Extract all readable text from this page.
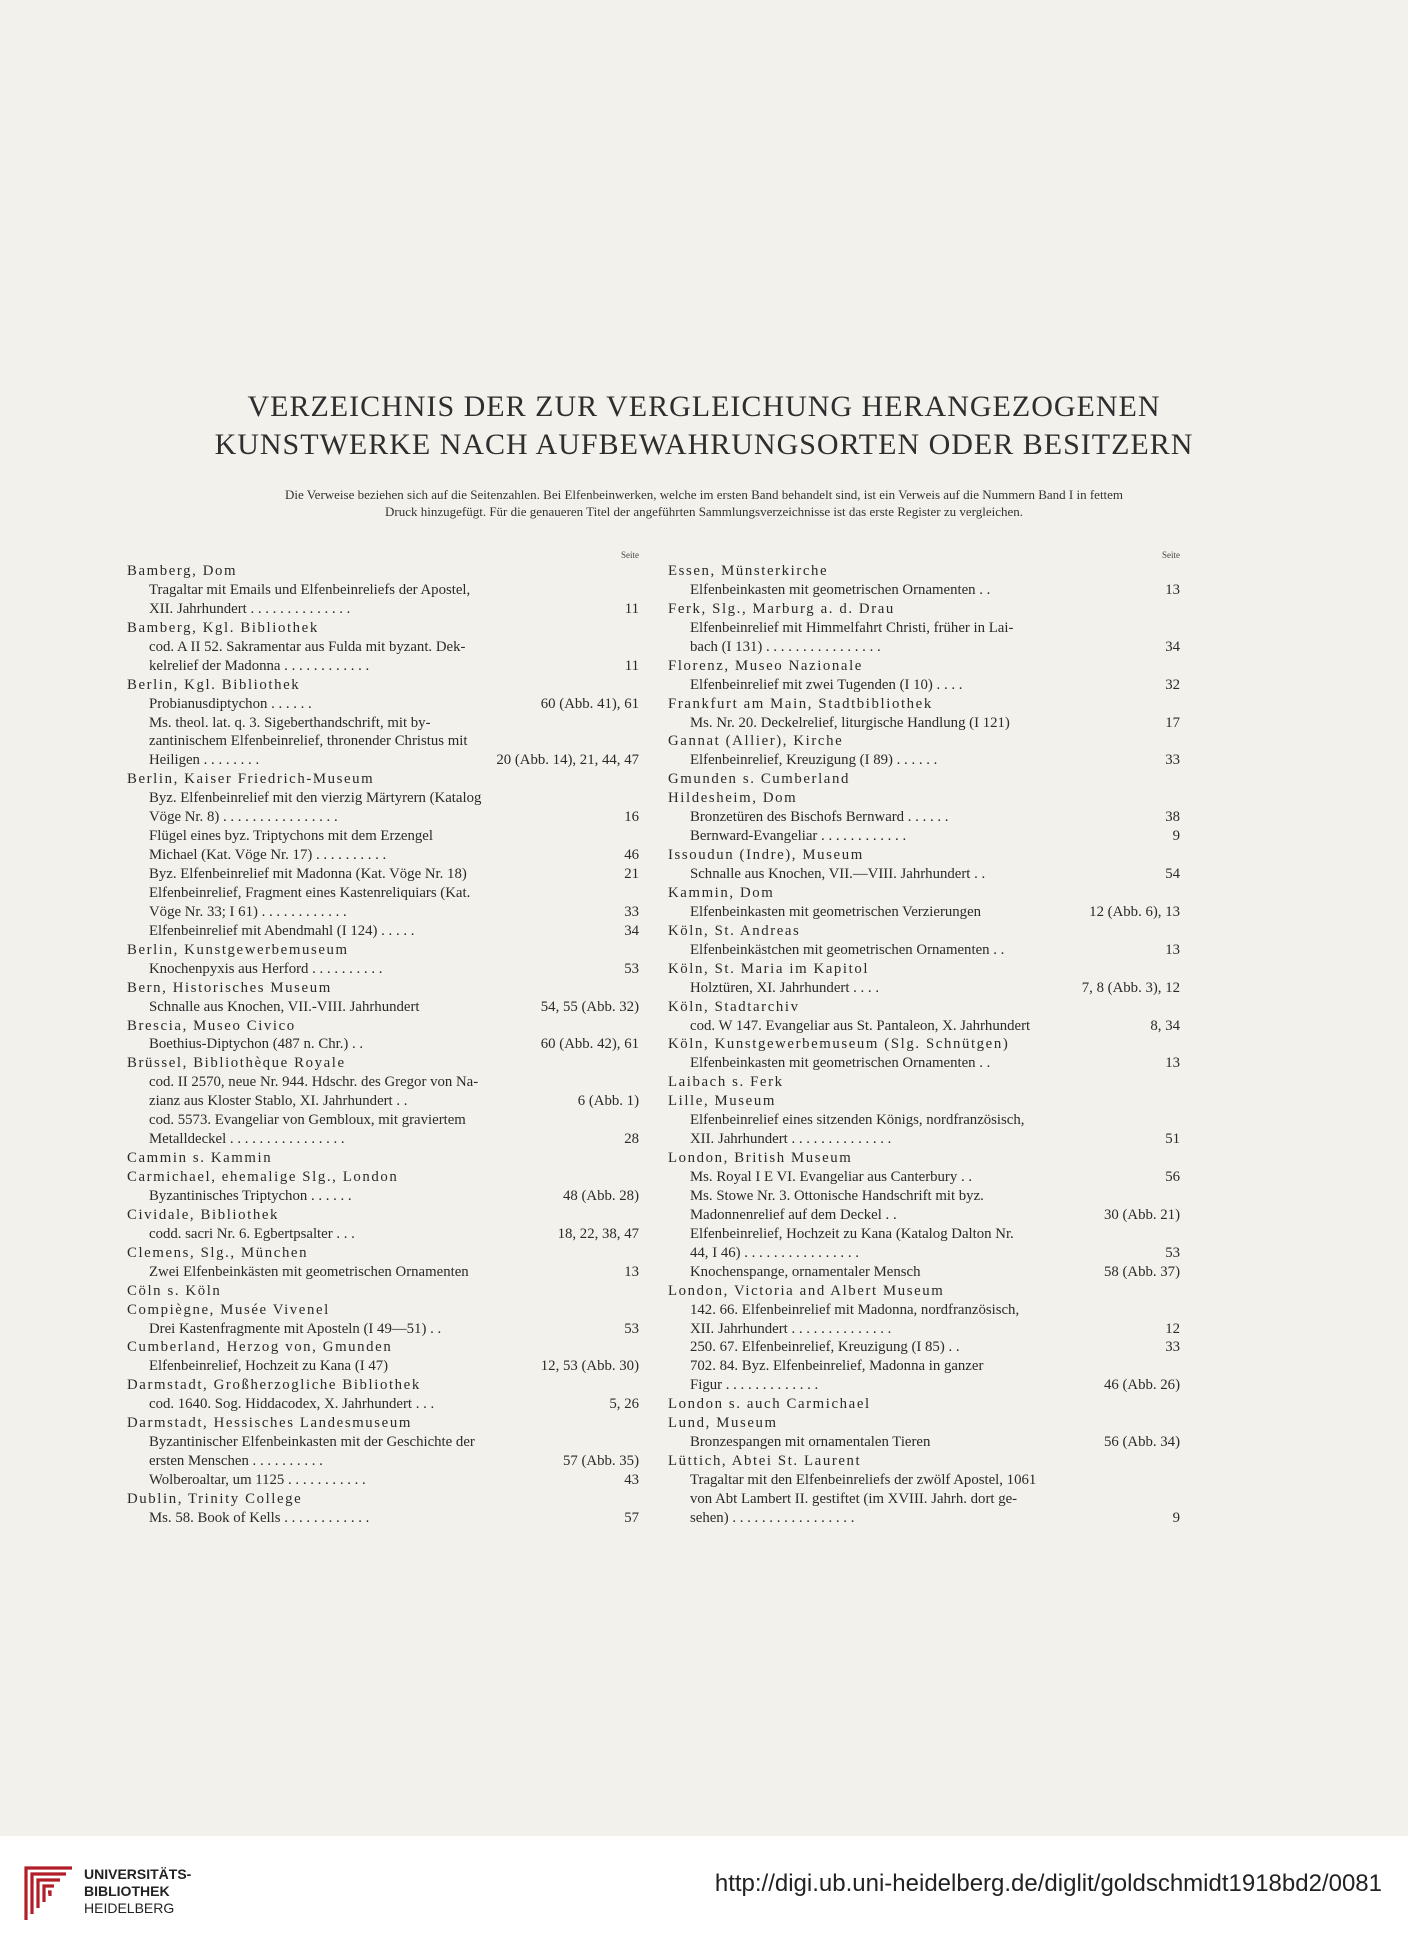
VERZEICHNIS DER ZUR VERGLEICHUNG HERANGEZOGENEN
KUNSTWERKE NACH AUFBEWAHRUNGSORTEN ODER BESITZERN
Die Verweise beziehen sich auf die Seitenzahlen. Bei Elfenbeinwerken, welche im ersten Band behandelt sind, ist ein Verweis auf die Nummern Band I in fettem
Druck hinzugefügt. Für die genaueren Titel der angeführten Sammlungsverzeichnisse ist das erste Register zu vergleichen.
Seite
Bamberg, Dom
Tragaltar mit Emails und Elfenbeinreliefs der Apostel,
XII. Jahrhundert . . . . . . . . . . . . . .	11
Bamberg, Kgl. Bibliothek
cod. A II 52. Sakramentar aus Fulda mit byzant. Dek-
kelrelief der Madonna . . . . . . . . . . . .	11
Berlin, Kgl. Bibliothek
Probianusdiptychon . . . . . .	60 (Abb. 41), 61
Ms. theol. lat. q. 3. Sigeberthandschrift, mit by-
zantinischem Elfenbeinrelief, thronender Christus mit
Heiligen . . . . . . . .	20 (Abb. 14), 21, 44, 47
Berlin, Kaiser Friedrich-Museum
Byz. Elfenbeinrelief mit den vierzig Märtyrern (Katalog
Vöge Nr. 8) . . . . . . . . . . . . . . . .	16
Flügel eines byz. Triptychons mit dem Erzengel
Michael (Kat. Vöge Nr. 17) . . . . . . . . . .	46
Byz. Elfenbeinrelief mit Madonna (Kat. Vöge Nr. 18)	21
Elfenbeinrelief, Fragment eines Kastenreliquiars (Kat.
Vöge Nr. 33; I 61) . . . . . . . . . . . .	33
Elfenbeinrelief mit Abendmahl (I 124) . . . . .	34
Berlin, Kunstgewerbemuseum
Knochenpyxis aus Herford . . . . . . . . . .	53
Bern, Historisches Museum
Schnalle aus Knochen, VII.-VIII. Jahrhundert	54, 55 (Abb. 32)
Brescia, Museo Civico
Boethius-Diptychon (487 n. Chr.) . .	60 (Abb. 42), 61
Brüssel, Bibliothèque Royale
cod. II 2570, neue Nr. 944. Hdschr. des Gregor von Na-
zianz aus Kloster Stablo, XI. Jahrhundert . .	6 (Abb. 1)
cod. 5573. Evangeliar von Gembloux, mit graviertem
Metalldeckel . . . . . . . . . . . . . . . .	28
Cammin s. Kammin
Carmichael, ehemalige Slg., London
Byzantinisches Triptychon . . . . . .	48 (Abb. 28)
Cividale, Bibliothek
codd. sacri Nr. 6. Egbertpsalter . . .	18, 22, 38, 47
Clemens, Slg., München
Zwei Elfenbeinkästen mit geometrischen Ornamenten	13
Cöln s. Köln
Compiègne, Musée Vivenel
Drei Kastenfragmente mit Aposteln (I 49—51) . .	53
Cumberland, Herzog von, Gmunden
Elfenbeinrelief, Hochzeit zu Kana (I 47)	12, 53 (Abb. 30)
Darmstadt, Großherzogliche Bibliothek
cod. 1640. Sog. Hiddacodex, X. Jahrhundert . . .	5, 26
Darmstadt, Hessisches Landesmuseum
Byzantinischer Elfenbeinkasten mit der Geschichte der
ersten Menschen . . . . . . . . . .	57 (Abb. 35)
Wolberoaltar, um 1125 . . . . . . . . . . .	43
Dublin, Trinity College
Ms. 58. Book of Kells . . . . . . . . . . . .	57
Seite
Essen, Münsterkirche
Elfenbeinkasten mit geometrischen Ornamenten . .	13
Ferk, Slg., Marburg a. d. Drau
Elfenbeinrelief mit Himmelfahrt Christi, früher in Lai-
bach (I 131) . . . . . . . . . . . . . . . .	34
Florenz, Museo Nazionale
Elfenbeinrelief mit zwei Tugenden (I 10) . . . .	32
Frankfurt am Main, Stadtbibliothek
Ms. Nr. 20. Deckelrelief, liturgische Handlung (I 121)	17
Gannat (Allier), Kirche
Elfenbeinrelief, Kreuzigung (I 89) . . . . . .	33
Gmunden s. Cumberland
Hildesheim, Dom
Bronzetüren des Bischofs Bernward . . . . . .	38
Bernward-Evangeliar . . . . . . . . . . . .	9
Issoudun (Indre), Museum
Schnalle aus Knochen, VII.—VIII. Jahrhundert . .	54
Kammin, Dom
Elfenbeinkasten mit geometrischen Verzierungen	12 (Abb. 6), 13
Köln, St. Andreas
Elfenbeinkästchen mit geometrischen Ornamenten . .	13
Köln, St. Maria im Kapitol
Holztüren, XI. Jahrhundert . . . .	7, 8 (Abb. 3), 12
Köln, Stadtarchiv
cod. W 147. Evangeliar aus St. Pantaleon, X. Jahrhundert	8, 34
Köln, Kunstgewerbemuseum (Slg. Schnütgen)
Elfenbeinkasten mit geometrischen Ornamenten . .	13
Laibach s. Ferk
Lille, Museum
Elfenbeinrelief eines sitzenden Königs, nordfranzösisch,
XII. Jahrhundert . . . . . . . . . . . . . .	51
London, British Museum
Ms. Royal I E VI. Evangeliar aus Canterbury . .	56
Ms. Stowe Nr. 3. Ottonische Handschrift mit byz.
Madonnenrelief auf dem Deckel . .	30 (Abb. 21)
Elfenbeinrelief, Hochzeit zu Kana (Katalog Dalton Nr.
44, I 46) . . . . . . . . . . . . . . . .	53
Knochenspange, ornamentaler Mensch	58 (Abb. 37)
London, Victoria and Albert Museum
142. 66. Elfenbeinrelief mit Madonna, nordfranzösisch,
XII. Jahrhundert . . . . . . . . . . . . . .	12
250. 67. Elfenbeinrelief, Kreuzigung (I 85) . .	33
702. 84. Byz. Elfenbeinrelief, Madonna in ganzer
Figur . . . . . . . . . . . . .	46 (Abb. 26)
London s. auch Carmichael
Lund, Museum
Bronzespangen mit ornamentalen Tieren	56 (Abb. 34)
Lüttich, Abtei St. Laurent
Tragaltar mit den Elfenbeinreliefs der zwölf Apostel, 1061
von Abt Lambert II. gestiftet (im XVIII. Jahrh. dort ge-
sehen) . . . . . . . . . . . . . . . . .	9
UNIVERSITÄTS-
BIBLIOTHEK
HEIDELBERG
http://digi.ub.uni-heidelberg.de/diglit/goldschmidt1918bd2/0081
